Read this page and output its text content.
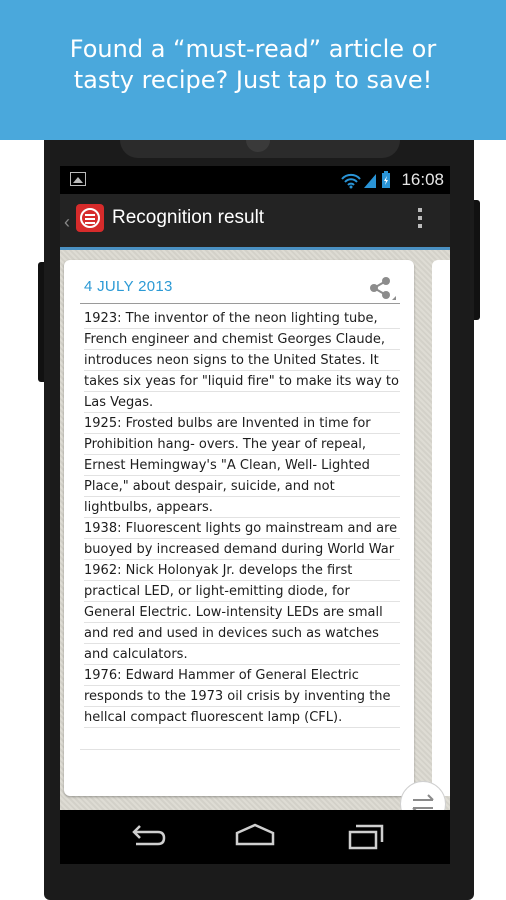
Found a “must-read” article or
tasty recipe? Just tap to save!
16:08
‹ Recognition result
4 JULY 2013
1923: The inventor of the neon lighting tube,
French engineer and chemist Georges Claude,
introduces neon signs to the United States. It
takes six yeas for "liquid fire" to make its way to
Las Vegas.
1925: Frosted bulbs are Invented in time for
Prohibition hang- overs. The year of repeal,
Ernest Hemingway's "A Clean, Well- Lighted
Place," about despair, suicide, and not
lightbulbs, appears.
1938: Fluorescent lights go mainstream and are
buoyed by increased demand during World War
1962: Nick Holonyak Jr. develops the first
practical LED, or light-emitting diode, for
General Electric. Low-intensity LEDs are small
and red and used in devices such as watches
and calculators.
1976: Edward Hammer of General Electric
responds to the 1973 oil crisis by inventing the
hellcal compact fluorescent lamp (CFL).
